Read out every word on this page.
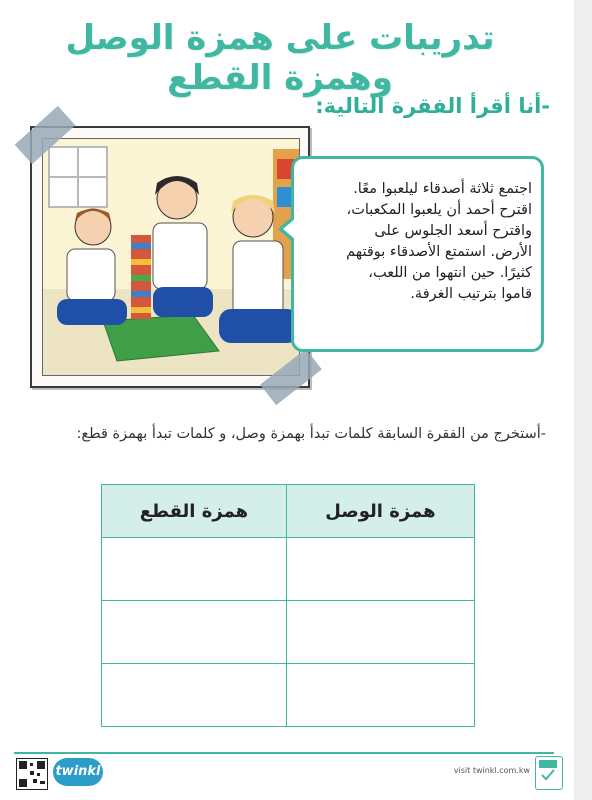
تدريبات على همزة الوصل وهمزة القطع
-أنا أقرأ الفقرة التالية:
اجتمع ثلاثة أصدقاء ليلعبوا معًا.
اقترح أحمد أن يلعبوا المكعبات،
واقترح أسعد الجلوس على
الأرض. استمتع الأصدقاء بوقتهم
كثيرًا. حين انتهوا من اللعب،
قاموا بترتيب الغرفة.
-أستخرج من الفقرة السابقة كلمات تبدأ بهمزة وصل، و كلمات تبدأ بهمزة قطع:
همزة الوصل	همزة القطع

twinkl	visit twinkl.com.kw
